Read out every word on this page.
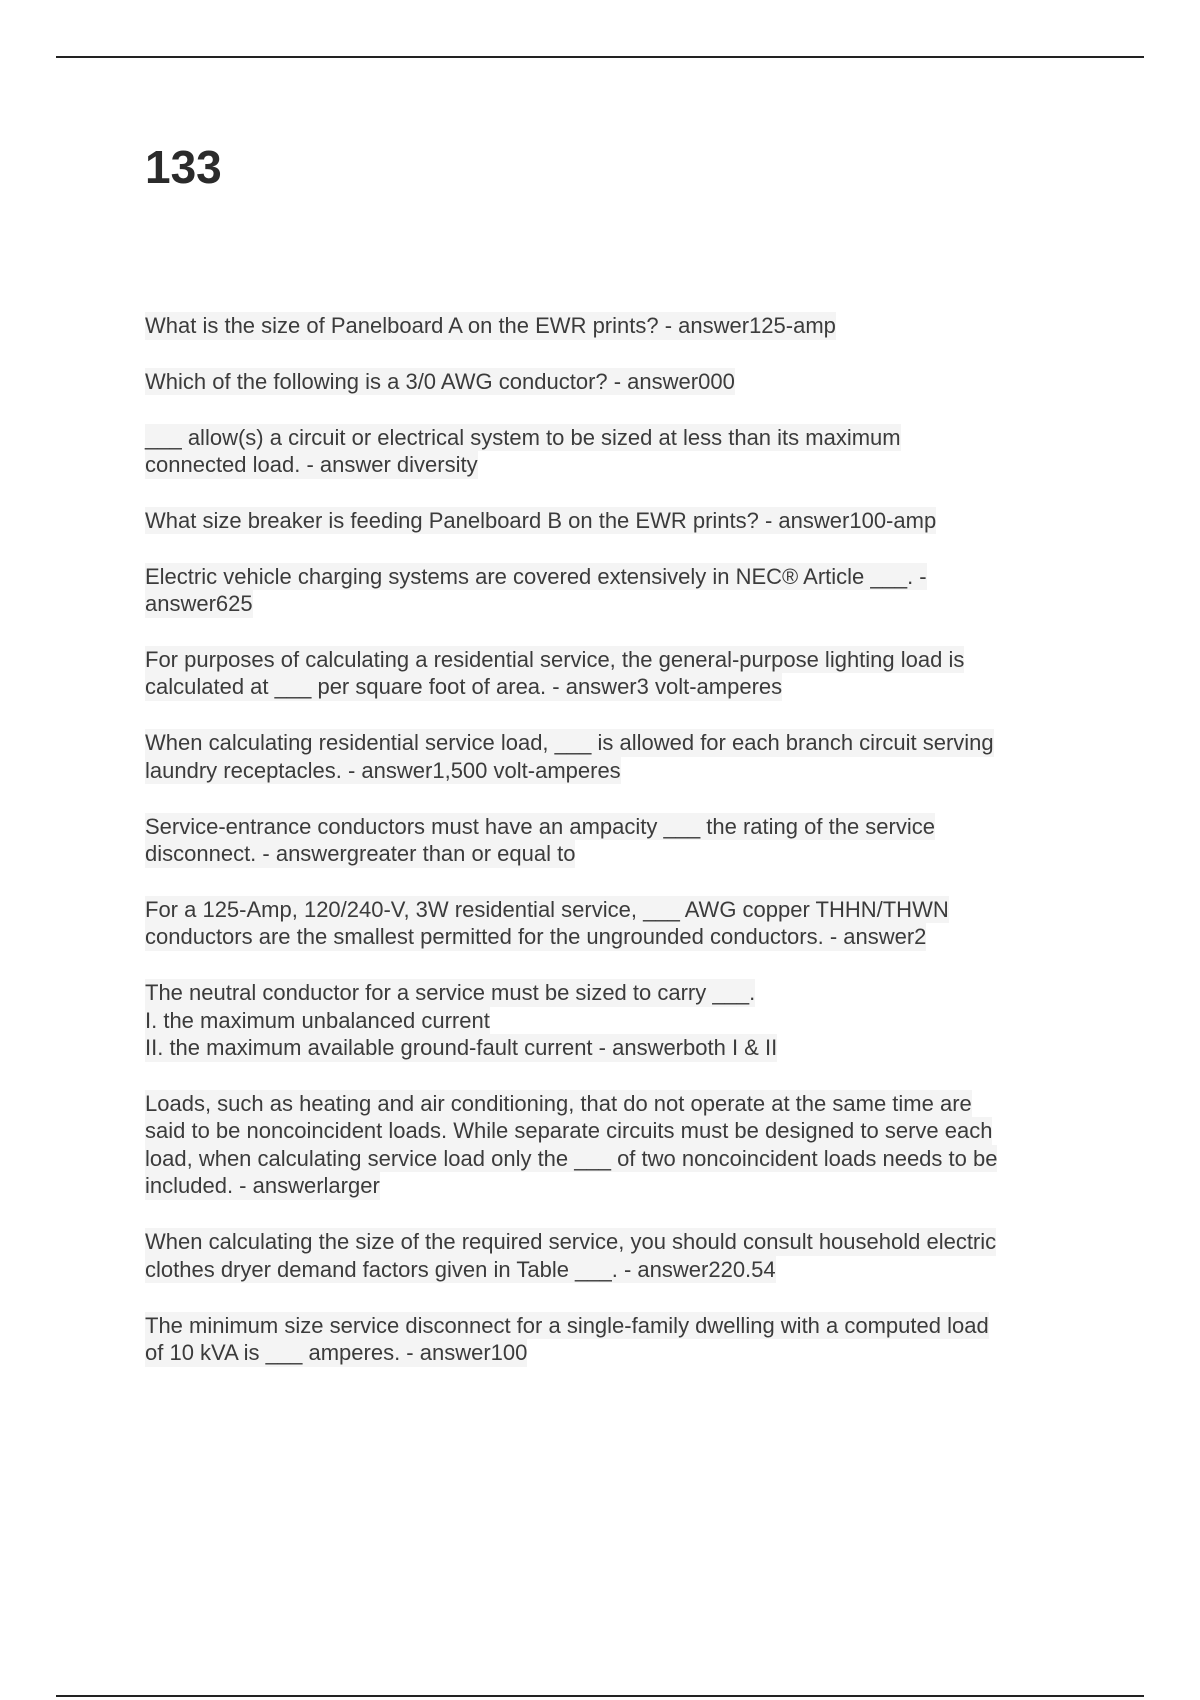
133
What is the size of Panelboard A on the EWR prints? - answer125-amp
Which of the following is a 3/0 AWG conductor? - answer000
___ allow(s) a circuit or electrical system to be sized at less than its maximum
connected load. - answer diversity
What size breaker is feeding Panelboard B on the EWR prints? - answer100-amp
Electric vehicle charging systems are covered extensively in NEC® Article ___. -
answer625
For purposes of calculating a residential service, the general-purpose lighting load is
calculated at ___ per square foot of area. - answer3 volt-amperes
When calculating residential service load, ___ is allowed for each branch circuit serving
laundry receptacles. - answer1,500 volt-amperes
Service-entrance conductors must have an ampacity ___ the rating of the service
disconnect. - answergreater than or equal to
For a 125-Amp, 120/240-V, 3W residential service, ___ AWG copper THHN/THWN
conductors are the smallest permitted for the ungrounded conductors. - answer2
The neutral conductor for a service must be sized to carry ___.
I. the maximum unbalanced current
II. the maximum available ground-fault current - answerboth I & II
Loads, such as heating and air conditioning, that do not operate at the same time are
said to be noncoincident loads. While separate circuits must be designed to serve each
load, when calculating service load only the ___ of two noncoincident loads needs to be
included. - answerlarger
When calculating the size of the required service, you should consult household electric
clothes dryer demand factors given in Table ___. - answer220.54
The minimum size service disconnect for a single-family dwelling with a computed load
of 10 kVA is ___ amperes. - answer100
